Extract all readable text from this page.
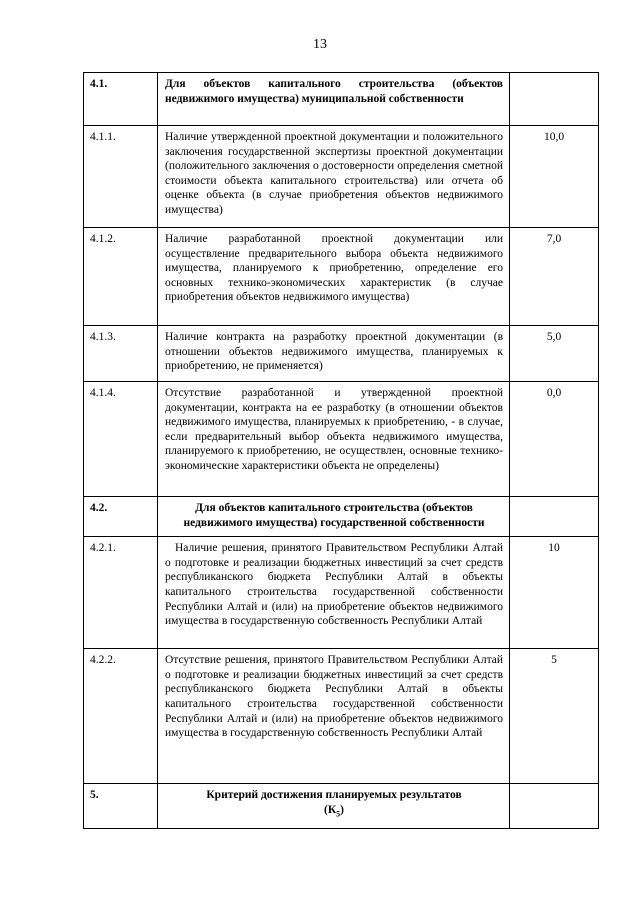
13
4.1.	Для объектов капитального строительства (объектов недвижимого имущества) муниципальной собственности	
4.1.1.	Наличие утвержденной проектной документации и положительного заключения государственной экспертизы проектной документации (положительного заключения о достоверности определения сметной стоимости объекта капитального строительства) или отчета об оценке объекта (в случае приобретения объектов недвижимого имущества)	10,0
4.1.2.	Наличие разработанной проектной документации или осуществление предварительного выбора объекта недвижимого имущества, планируемого к приобретению, определение его основных технико-экономических характеристик (в случае приобретения объектов недвижимого имущества)	7,0
4.1.3.	Наличие контракта на разработку проектной документации (в отношении объектов недвижимого имущества, планируемых к приобретению, не применяется)	5,0
4.1.4.	Отсутствие разработанной и утвержденной проектной документации, контракта на ее разработку (в отношении объектов недвижимого имущества, планируемых к приобретению, - в случае, если предварительный выбор объекта недвижимого имущества, планируемого к приобретению, не осуществлен, основные технико-экономические характеристики объекта не определены)	0,0
4.2.	Для объектов капитального строительства (объектов недвижимого имущества) государственной собственности	
4.2.1.	Наличие решения, принятого Правительством Республики Алтай о подготовке и реализации бюджетных инвестиций за счет средств республиканского бюджета Республики Алтай в объекты капитального строительства государственной собственности Республики Алтай и (или) на приобретение объектов недвижимого имущества в государственную собственность Республики Алтай	10
4.2.2.	Отсутствие решения, принятого Правительством Республики Алтай о подготовке и реализации бюджетных инвестиций за счет средств республиканского бюджета Республики Алтай в объекты капитального строительства государственной собственности Республики Алтай и (или) на приобретение объектов недвижимого имущества в государственную собственность Республики Алтай	5
5.	Критерий достижения планируемых результатов
$(К_5)$	
